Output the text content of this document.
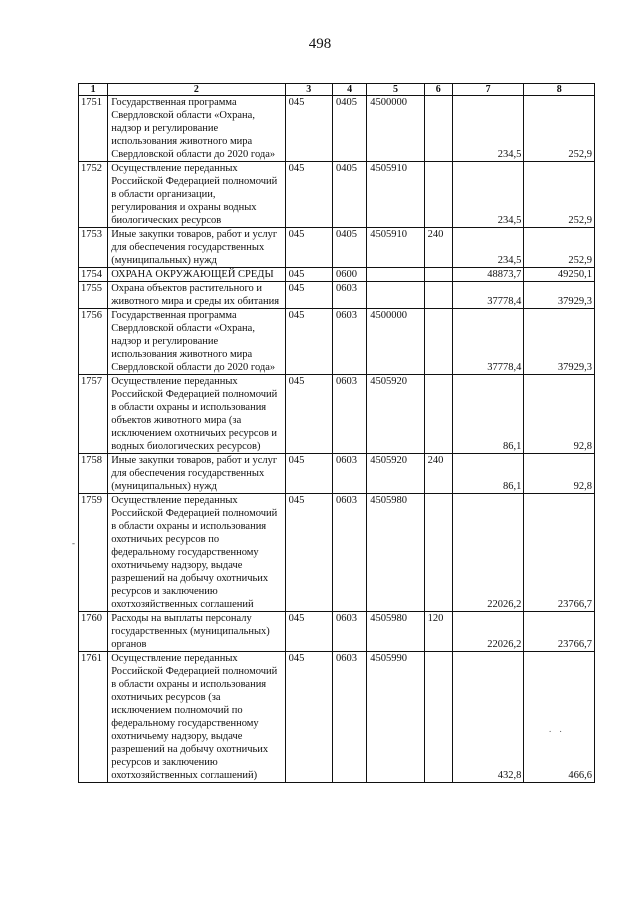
498
1	2	3	4	5	6	7	8
1751	Государственная программа Свердловской области «Охрана, надзор и регулирование использования животного мира Свердловской области до 2020 года»	045	0405	4500000		234,5	252,9
1752	Осуществление переданных Российской Федерацией полномочий в области организации, регулирования и охраны водных биологических ресурсов	045	0405	4505910		234,5	252,9
1753	Иные закупки товаров, работ и услуг для обеспечения государственных (муниципальных) нужд	045	0405	4505910	240	234,5	252,9
1754	ОХРАНА ОКРУЖАЮЩЕЙ СРЕДЫ	045	0600			48873,7	49250,1
1755	Охрана объектов растительного и животного мира и среды их обитания	045	0603			37778,4	37929,3
1756	Государственная программа Свердловской области «Охрана, надзор и регулирование использования животного мира Свердловской области до 2020 года»	045	0603	4500000		37778,4	37929,3
1757	Осуществление переданных Российской Федерацией полномочий в области охраны и использования объектов животного мира (за исключением охотничьих ресурсов и водных биологических ресурсов)	045	0603	4505920		86,1	92,8
1758	Иные закупки товаров, работ и услуг для обеспечения государственных (муниципальных) нужд	045	0603	4505920	240	86,1	92,8
1759	Осуществление переданных Российской Федерацией полномочий в области охраны и использования охотничьих ресурсов по федеральному государственному охотничьему надзору, выдаче разрешений на добычу охотничьих ресурсов и заключению охотхозяйственных соглашений	045	0603	4505980		22026,2	23766,7
1760	Расходы на выплаты персоналу государственных (муниципальных) органов	045	0603	4505980	120	22026,2	23766,7
1761	Осуществление переданных Российской Федерацией полномочий в области охраны и использования охотничьих ресурсов (за исключением полномочий по федеральному государственному охотничьему надзору, выдаче разрешений на добычу охотничьих ресурсов и заключению охотхозяйственных соглашений)	045	0603	4505990		432,8	466,6
-
. .
